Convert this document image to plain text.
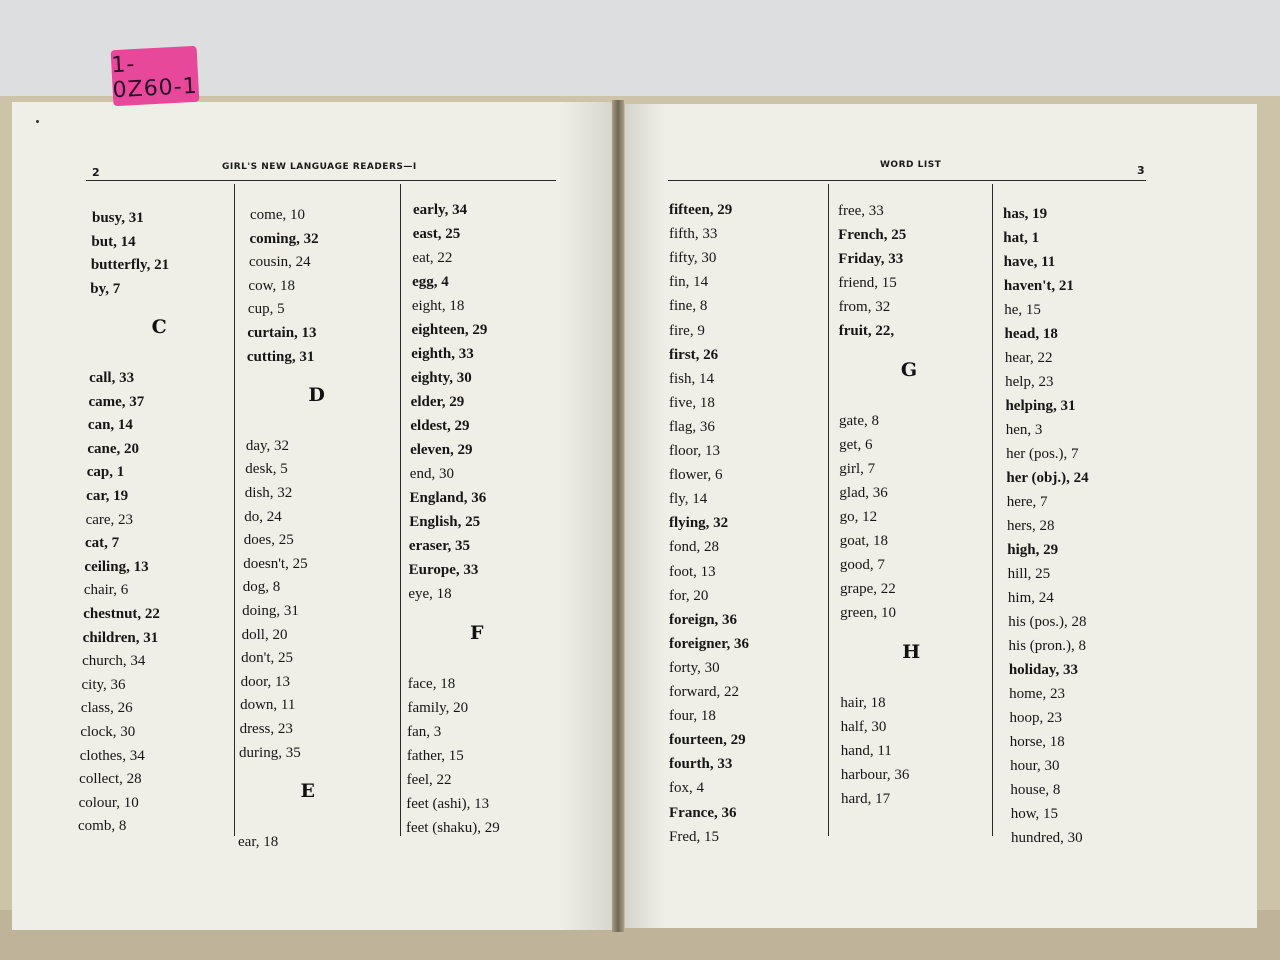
1-0Z60-1
2	GIRL'S NEW LANGUAGE READERS—I	WORD LIST	3
busy, 31
but, 14
butterfly, 21
by, 7
C
call, 33
came, 37
can, 14
cane, 20
cap, 1
car, 19
care, 23
cat, 7
ceiling, 13
chair, 6
chestnut, 22
children, 31
church, 34
city, 36
class, 26
clock, 30
clothes, 34
collect, 28
colour, 10
comb, 8
come, 10
coming, 32
cousin, 24
cow, 18
cup, 5
curtain, 13
cutting, 31
D
day, 32
desk, 5
dish, 32
do, 24
does, 25
doesn't, 25
dog, 8
doing, 31
doll, 20
don't, 25
door, 13
down, 11
dress, 23
during, 35
E
ear, 18
early, 34
east, 25
eat, 22
egg, 4
eight, 18
eighteen, 29
eighth, 33
eighty, 30
elder, 29
eldest, 29
eleven, 29
end, 30
England, 36
English, 25
eraser, 35
Europe, 33
eye, 18
F
face, 18
family, 20
fan, 3
father, 15
feel, 22
feet (ashi), 13
feet (shaku), 29
fifteen, 29
fifth, 33
fifty, 30
fin, 14
fine, 8
fire, 9
first, 26
fish, 14
five, 18
flag, 36
floor, 13
flower, 6
fly, 14
flying, 32
fond, 28
foot, 13
for, 20
foreign, 36
foreigner, 36
forty, 30
forward, 22
four, 18
fourteen, 29
fourth, 33
fox, 4
France, 36
Fred, 15
free, 33
French, 25
Friday, 33
friend, 15
from, 32
fruit, 22,
G
gate, 8
get, 6
girl, 7
glad, 36
go, 12
goat, 18
good, 7
grape, 22
green, 10
H
hair, 18
half, 30
hand, 11
harbour, 36
hard, 17
has, 19
hat, 1
have, 11
haven't, 21
he, 15
head, 18
hear, 22
help, 23
helping, 31
hen, 3
her (pos.), 7
her (obj.), 24
here, 7
hers, 28
high, 29
hill, 25
him, 24
his (pos.), 28
his (pron.), 8
holiday, 33
home, 23
hoop, 23
horse, 18
hour, 30
house, 8
how, 15
hundred, 30
